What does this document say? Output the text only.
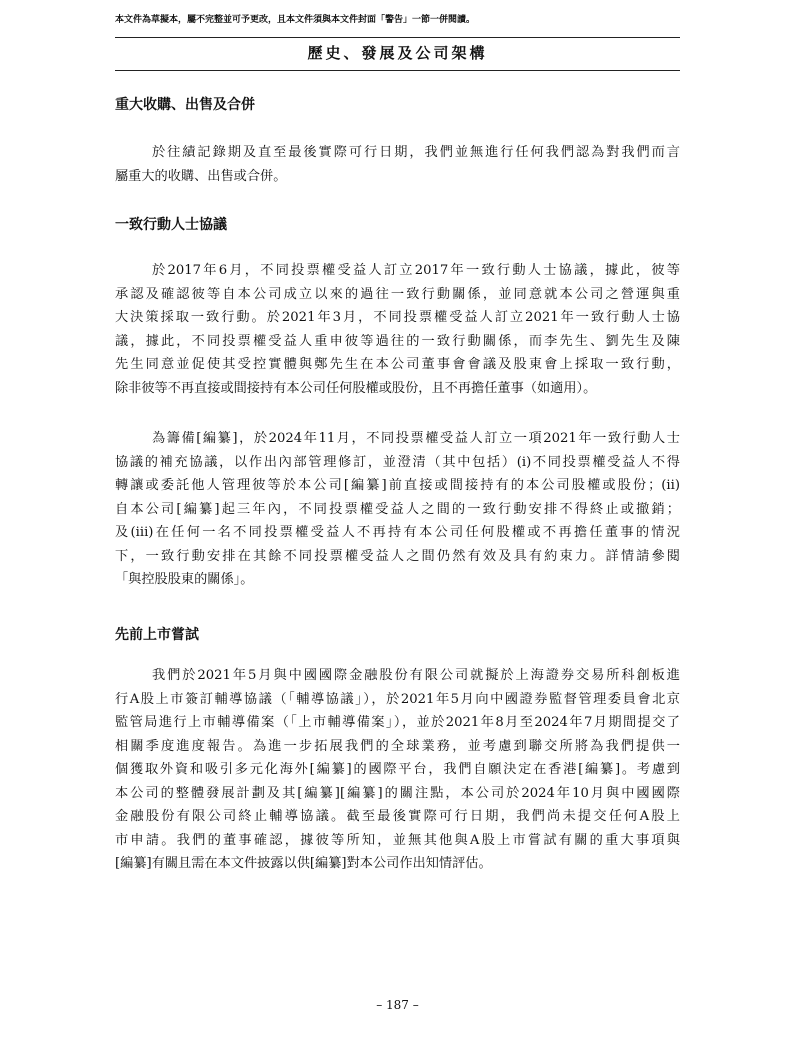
本文件為草擬本，屬不完整並可予更改，且本文件須與本文件封面「警告」一節一併閱讀。
歷史、發展及公司架構
重大收購、出售及合併
於往績記錄期及直至最後實際可行日期，我們並無進行任何我們認為對我們而言
屬重大的收購、出售或合併。
一致行動人士協議
於2017年6月，不同投票權受益人訂立2017年一致行動人士協議，據此，彼等
承認及確認彼等自本公司成立以來的過往一致行動關係，並同意就本公司之營運與重
大決策採取一致行動。於2021年3月，不同投票權受益人訂立2021年一致行動人士協
議，據此，不同投票權受益人重申彼等過往的一致行動關係，而李先生、劉先生及陳
先生同意並促使其受控實體與鄭先生在本公司董事會會議及股東會上採取一致行動，
除非彼等不再直接或間接持有本公司任何股權或股份，且不再擔任董事（如適用）。
為籌備[編纂]，於2024年11月，不同投票權受益人訂立一項2021年一致行動人士
協議的補充協議，以作出內部管理修訂，並澄清（其中包括）(i)不同投票權受益人不得
轉讓或委託他人管理彼等於本公司[編纂]前直接或間接持有的本公司股權或股份；(ii)
自本公司[編纂]起三年內，不同投票權受益人之間的一致行動安排不得終止或撤銷；
及(iii)在任何一名不同投票權受益人不再持有本公司任何股權或不再擔任董事的情況
下，一致行動安排在其餘不同投票權受益人之間仍然有效及具有約束力。詳情請參閱
「與控股股東的關係」。
先前上市嘗試
我們於2021年5月與中國國際金融股份有限公司就擬於上海證券交易所科創板進
行A股上市簽訂輔導協議（「輔導協議」），於2021年5月向中國證券監督管理委員會北京
監管局進行上市輔導備案（「上市輔導備案」），並於2021年8月至2024年7月期間提交了
相關季度進度報告。為進一步拓展我們的全球業務，並考慮到聯交所將為我們提供一
個獲取外資和吸引多元化海外[編纂]的國際平台，我們自願決定在香港[編纂]。考慮到
本公司的整體發展計劃及其[編纂][編纂]的關注點，本公司於2024年10月與中國國際
金融股份有限公司終止輔導協議。截至最後實際可行日期，我們尚未提交任何A股上
市申請。我們的董事確認，據彼等所知，並無其他與A股上市嘗試有關的重大事項與
[編纂]有關且需在本文件披露以供[編纂]對本公司作出知情評估。
– 187 –
